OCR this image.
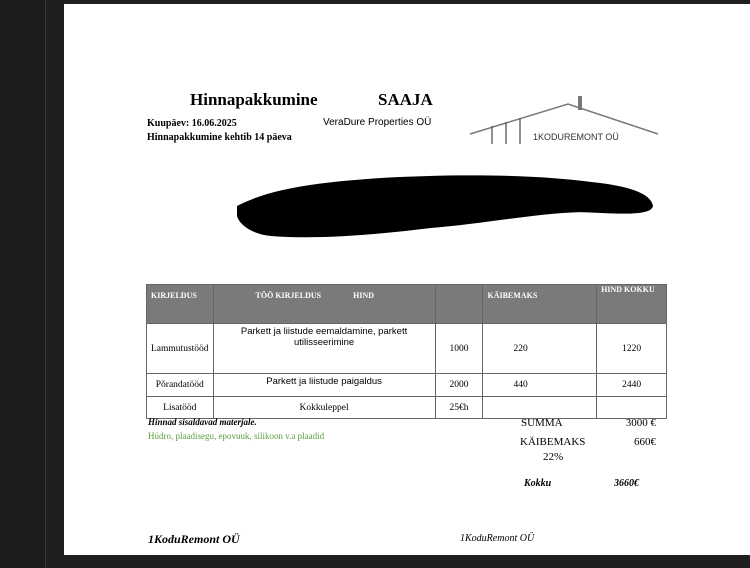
Hinnapakkumine	SAAJA
Kuupäev: 16.06.2025
Hinnapakkumine kehtib 14 päeva
VeraDure Properties OÜ
1KODUREMONT OÜ
KIRJELDUS	TÖÖ KIRJELDUS HIND		KÄIBEMAKS	HIND KOKKU
Lammutustööd	Parkett ja liistude eemaldamine, parkett utilisseerimine	1000	220	1220
Põrandatööd	Parkett ja liistude paigaldus	2000	440	2440
Lisatööd	Kokkuleppel	25€h		
Hinnad sisaldavad materjale.
Hüdro, plaadisegu, epovuuk, silikoon v.a plaadid
SUMMA	3000 €
KÄIBEMAKS	660€
22%
Kokku	3660€
1KoduRemont OÜ	1KoduRemont OÜ
